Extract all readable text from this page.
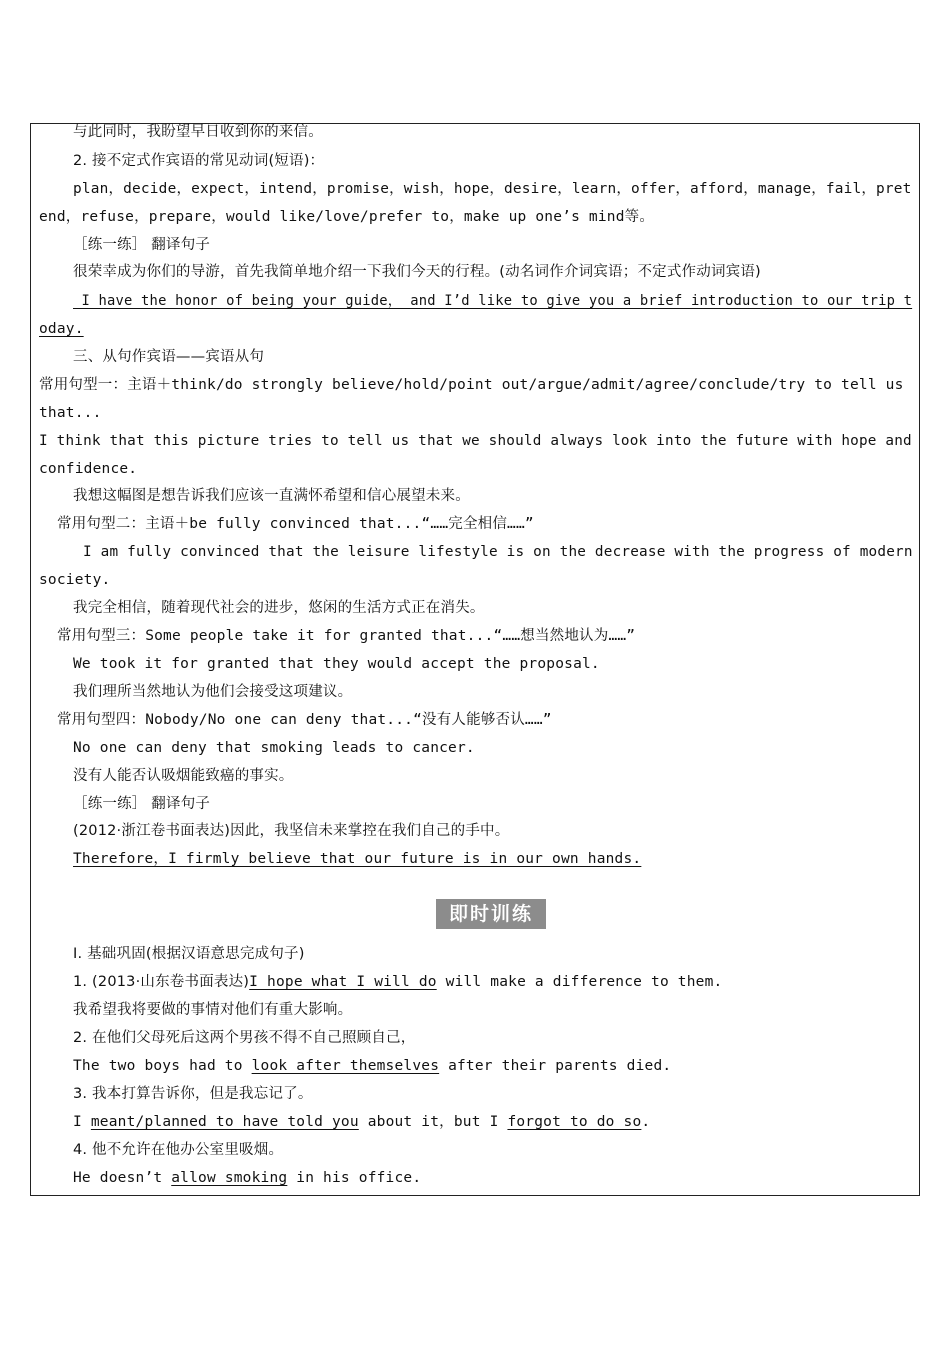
与此同时，我盼望早日收到你的来信。
2. 接不定式作宾语的常见动词(短语)：
plan，decide，expect，intend，promise，wish，hope，desire，learn，offer，afford，manage，fail，pret
end，refuse，prepare，would like/love/prefer to，make up one’s mind等。
［练一练］ 翻译句子
很荣幸成为你们的导游，首先我简单地介绍一下我们今天的行程。(动名词作介词宾语；不定式作动词宾语)
I have the honor of being your guide， and I’d like to give you a brief introduction to our trip t
oday.
三、从句作宾语——宾语从句
常用句型一：主语＋think/do strongly believe/hold/point out/argue/admit/agree/conclude/try to tell us
that...
I think that this picture tries to tell us that we should always look into the future with hope and
confidence.
我想这幅图是想告诉我们应该一直满怀希望和信心展望未来。
常用句型二：主语＋be fully convinced that...“……完全相信……”
I am fully convinced that the leisure lifestyle is on the decrease with the progress of modern
society.
我完全相信，随着现代社会的进步，悠闲的生活方式正在消失。
常用句型三：Some people take it for granted that...“……想当然地认为……”
We took it for granted that they would accept the proposal.
我们理所当然地认为他们会接受这项建议。
常用句型四：Nobody/No one can deny that...“没有人能够否认……”
No one can deny that smoking leads to cancer.
没有人能否认吸烟能致癌的事实。
［练一练］ 翻译句子
(2012·浙江卷书面表达)因此，我坚信未来掌控在我们自己的手中。
Therefore，I firmly believe that our future is in our own hands.
即时训练
Ⅰ. 基础巩固(根据汉语意思完成句子)
1. (2013·山东卷书面表达)I hope what I will do will make a difference to them.
我希望我将要做的事情对他们有重大影响。
2. 在他们父母死后这两个男孩不得不自己照顾自己，
The two boys had to look after themselves after their parents died.
3. 我本打算告诉你，但是我忘记了。
I meant/planned to have told you about it，but I forgot to do so.
4. 他不允许在他办公室里吸烟。
He doesn’t allow smoking in his office.
